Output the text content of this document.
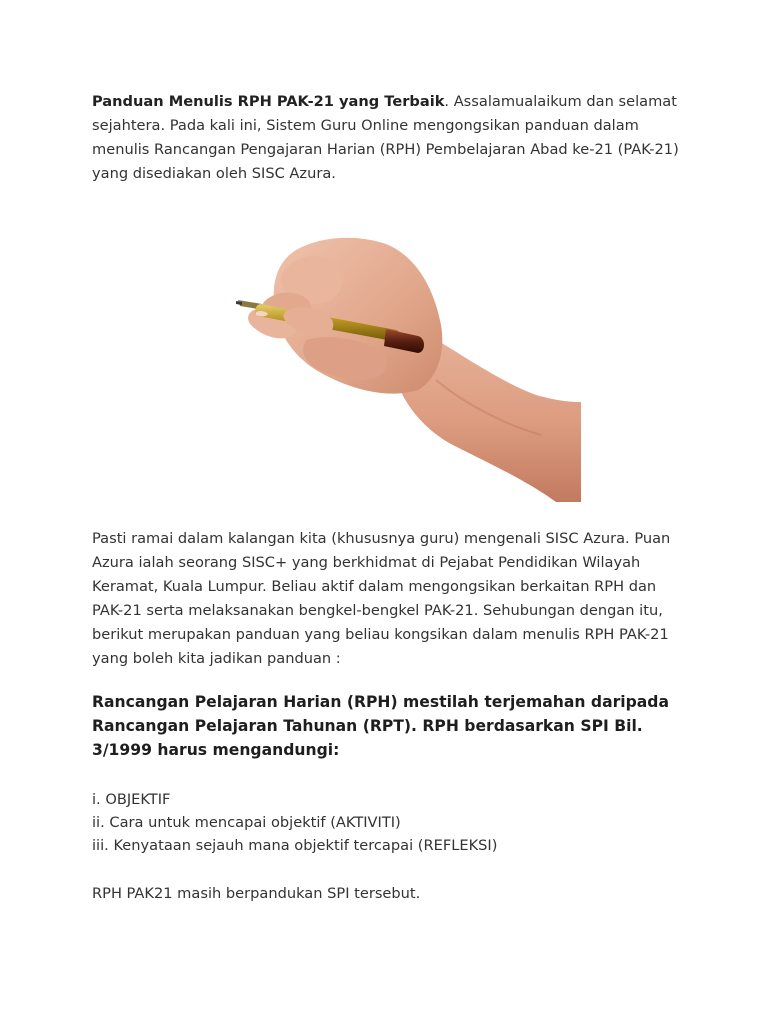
Panduan Menulis RPH PAK-21 yang Terbaik. Assalamualaikum dan selamat sejahtera. Pada kali ini, Sistem Guru Online mengongsikan panduan dalam menulis Rancangan Pengajaran Harian (RPH) Pembelajaran Abad ke-21 (PAK-21) yang disediakan oleh SISC Azura.

Pasti ramai dalam kalangan kita (khususnya guru) mengenali SISC Azura. Puan Azura ialah seorang SISC+ yang berkhidmat di Pejabat Pendidikan Wilayah Keramat, Kuala Lumpur. Beliau aktif dalam mengongsikan berkaitan RPH dan PAK-21 serta melaksanakan bengkel-bengkel PAK-21. Sehubungan dengan itu, berikut merupakan panduan yang beliau kongsikan dalam menulis RPH PAK-21 yang boleh kita jadikan panduan :

Rancangan Pelajaran Harian (RPH) mestilah terjemahan daripada Rancangan Pelajaran Tahunan (RPT). RPH berdasarkan SPI Bil. 3/1999 harus mengandungi:

i. OBJEKTIF
ii. Cara untuk mencapai objektif (AKTIVITI)
iii. Kenyataan sejauh mana objektif tercapai (REFLEKSI)

RPH PAK21 masih berpandukan SPI tersebut.
